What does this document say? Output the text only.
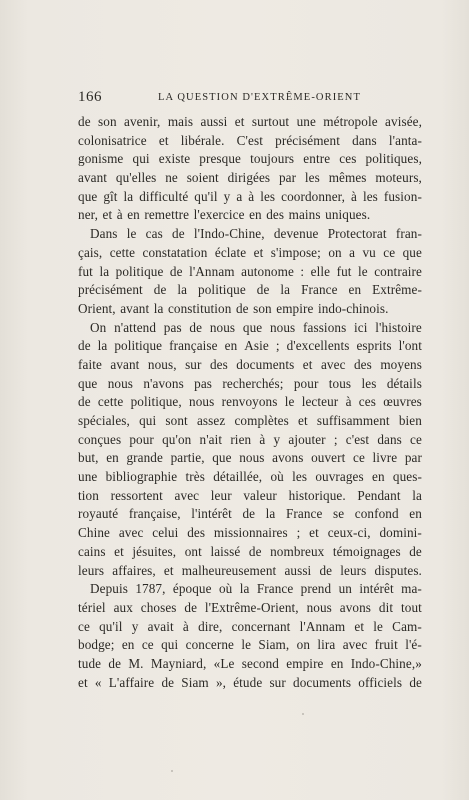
166	LA QUESTION D'EXTRÊME-ORIENT
de son avenir, mais aussi et surtout une métropole avisée,
colonisatrice et libérale. C'est précisément dans l'anta-
gonisme qui existe presque toujours entre ces politiques,
avant qu'elles ne soient dirigées par les mêmes moteurs,
que gît la difficulté qu'il y a à les coordonner, à les fusion-
ner, et à en remettre l'exercice en des mains uniques.
Dans le cas de l'Indo-Chine, devenue Protectorat fran-
çais, cette constatation éclate et s'impose; on a vu ce que
fut la politique de l'Annam autonome : elle fut le contraire
précisément de la politique de la France en Extrême-
Orient, avant la constitution de son empire indo-chinois.
On n'attend pas de nous que nous fassions ici l'histoire
de la politique française en Asie ; d'excellents esprits l'ont
faite avant nous, sur des documents et avec des moyens
que nous n'avons pas recherchés; pour tous les détails
de cette politique, nous renvoyons le lecteur à ces œuvres
spéciales, qui sont assez complètes et suffisamment bien
conçues pour qu'on n'ait rien à y ajouter ; c'est dans ce
but, en grande partie, que nous avons ouvert ce livre par
une bibliographie très détaillée, où les ouvrages en ques-
tion ressortent avec leur valeur historique. Pendant la
royauté française, l'intérêt de la France se confond en
Chine avec celui des missionnaires ; et ceux-ci, domini-
cains et jésuites, ont laissé de nombreux témoignages de
leurs affaires, et malheureusement aussi de leurs disputes.
Depuis 1787, époque où la France prend un intérêt ma-
tériel aux choses de l'Extrême-Orient, nous avons dit tout
ce qu'il y avait à dire, concernant l'Annam et le Cam-
bodge; en ce qui concerne le Siam, on lira avec fruit l'é-
tude de M. Mayniard, «Le second empire en Indo-Chine,»
et « L'affaire de Siam », étude sur documents officiels de
